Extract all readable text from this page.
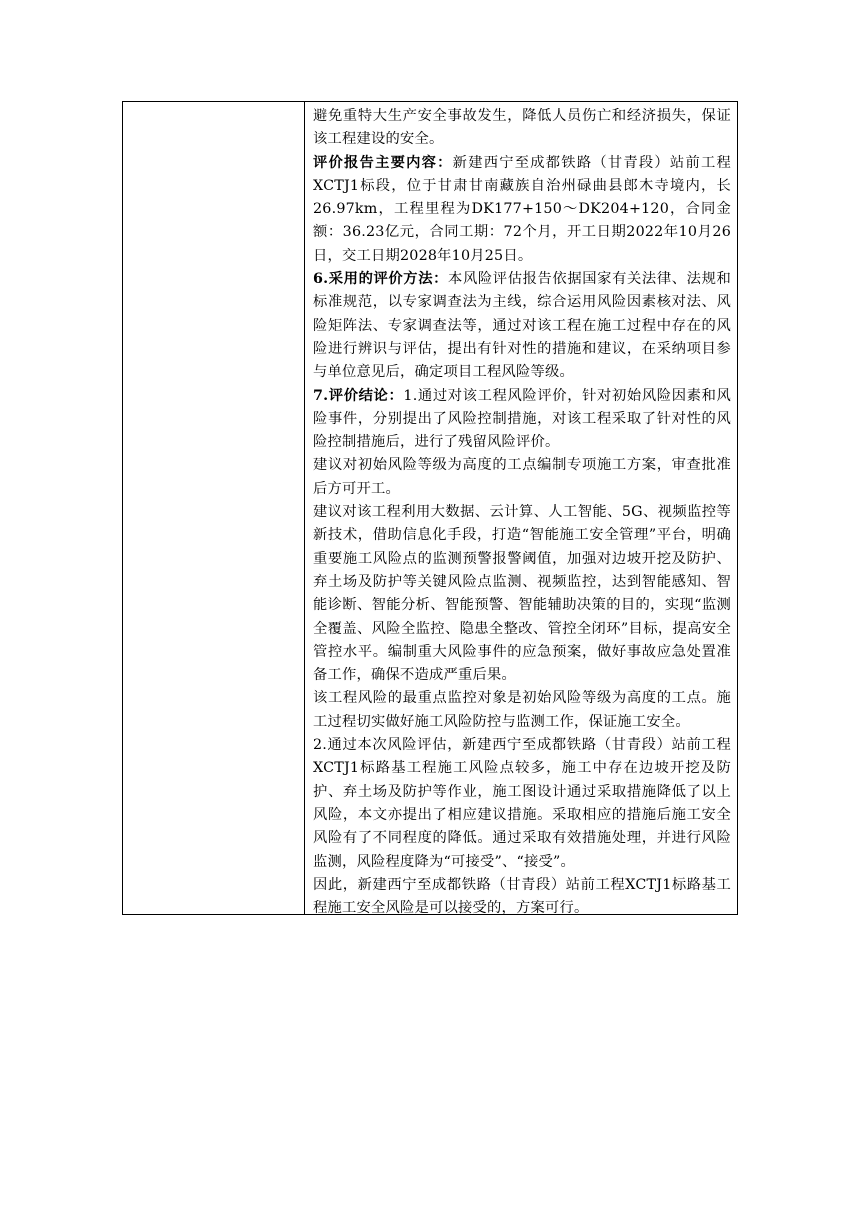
避免重特大生产安全事故发生，降低人员伤亡和经济损失，保证该工程建设的安全。

评价报告主要内容：新建西宁至成都铁路（甘青段）站前工程XCTJ1标段，位于甘肃甘南藏族自治州碌曲县郎木寺境内，长26.97km，工程里程为DK177+150～DK204+120，合同金额：36.23亿元，合同工期：72个月，开工日期2022年10月26日，交工日期2028年10月25日。

6.采用的评价方法：本风险评估报告依据国家有关法律、法规和标准规范，以专家调查法为主线，综合运用风险因素核对法、风险矩阵法、专家调查法等，通过对该工程在施工过程中存在的风险进行辨识与评估，提出有针对性的措施和建议，在采纳项目参与单位意见后，确定项目工程风险等级。

7.评价结论：1.通过对该工程风险评价，针对初始风险因素和风险事件，分别提出了风险控制措施，对该工程采取了针对性的风险控制措施后，进行了残留风险评价。

建议对初始风险等级为高度的工点编制专项施工方案，审查批准后方可开工。

建议对该工程利用大数据、云计算、人工智能、5G、视频监控等新技术，借助信息化手段，打造“智能施工安全管理”平台，明确重要施工风险点的监测预警报警阈值，加强对边坡开挖及防护、弃土场及防护等关键风险点监测、视频监控，达到智能感知、智能诊断、智能分析、智能预警、智能辅助决策的目的，实现“监测全覆盖、风险全监控、隐患全整改、管控全闭环”目标，提高安全管控水平。编制重大风险事件的应急预案，做好事故应急处置准备工作，确保不造成严重后果。

该工程风险的最重点监控对象是初始风险等级为高度的工点。施工过程切实做好施工风险防控与监测工作，保证施工安全。

2.通过本次风险评估，新建西宁至成都铁路（甘青段）站前工程XCTJ1标路基工程施工风险点较多，施工中存在边坡开挖及防护、弃土场及防护等作业，施工图设计通过采取措施降低了以上风险，本文亦提出了相应建议措施。采取相应的措施后施工安全风险有了不同程度的降低。通过采取有效措施处理，并进行风险监测，风险程度降为“可接受”、“接受”。

因此，新建西宁至成都铁路（甘青段）站前工程XCTJ1标路基工程施工安全风险是可以接受的，方案可行。
